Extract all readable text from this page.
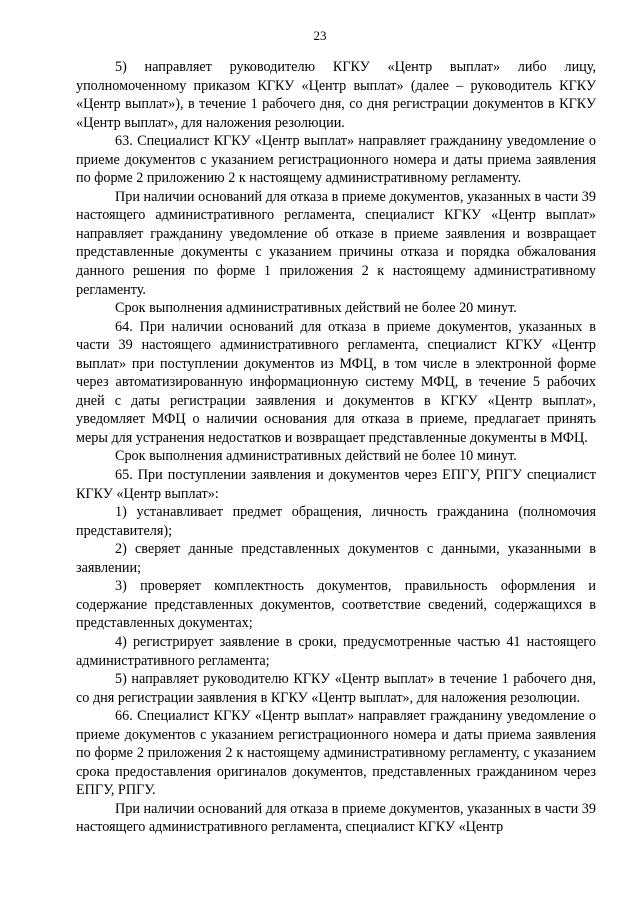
23

5) направляет руководителю КГКУ «Центр выплат» либо лицу, уполномоченному приказом КГКУ «Центр выплат» (далее – руководитель КГКУ «Центр выплат»), в течение 1 рабочего дня, со дня регистрации документов в КГКУ «Центр выплат», для наложения резолюции.

63. Специалист КГКУ «Центр выплат» направляет гражданину уведомление о приеме документов с указанием регистрационного номера и даты приема заявления по форме 2 приложению 2 к настоящему административному регламенту.

При наличии оснований для отказа в приеме документов, указанных в части 39 настоящего административного регламента, специалист КГКУ «Центр выплат» направляет гражданину уведомление об отказе в приеме заявления и возвращает представленные документы с указанием причины отказа и порядка обжалования данного решения по форме 1 приложения 2 к настоящему административному регламенту.

Срок выполнения административных действий не более 20 минут.

64. При наличии оснований для отказа в приеме документов, указанных в части 39 настоящего административного регламента, специалист КГКУ «Центр выплат» при поступлении документов из МФЦ, в том числе в электронной форме через автоматизированную информационную систему МФЦ, в течение 5 рабочих дней с даты регистрации заявления и документов в КГКУ «Центр выплат», уведомляет МФЦ о наличии основания для отказа в приеме, предлагает принять меры для устранения недостатков и возвращает представленные документы в МФЦ.

Срок выполнения административных действий не более 10 минут.

65. При поступлении заявления и документов через ЕПГУ, РПГУ специалист КГКУ «Центр выплат»:

1) устанавливает предмет обращения, личность гражданина (полномочия представителя);

2) сверяет данные представленных документов с данными, указанными в заявлении;

3) проверяет комплектность документов, правильность оформления и содержание представленных документов, соответствие сведений, содержащихся в представленных документах;

4) регистрирует заявление в сроки, предусмотренные частью 41 настоящего административного регламента;

5) направляет руководителю КГКУ «Центр выплат» в течение 1 рабочего дня, со дня регистрации заявления в КГКУ «Центр выплат», для наложения резолюции.

66. Специалист КГКУ «Центр выплат» направляет гражданину уведомление о приеме документов с указанием регистрационного номера и даты приема заявления по форме 2 приложения 2 к настоящему административному регламенту, с указанием срока предоставления оригиналов документов, представленных гражданином через ЕПГУ, РПГУ.

При наличии оснований для отказа в приеме документов, указанных в части 39 настоящего административного регламента, специалист КГКУ «Центр
